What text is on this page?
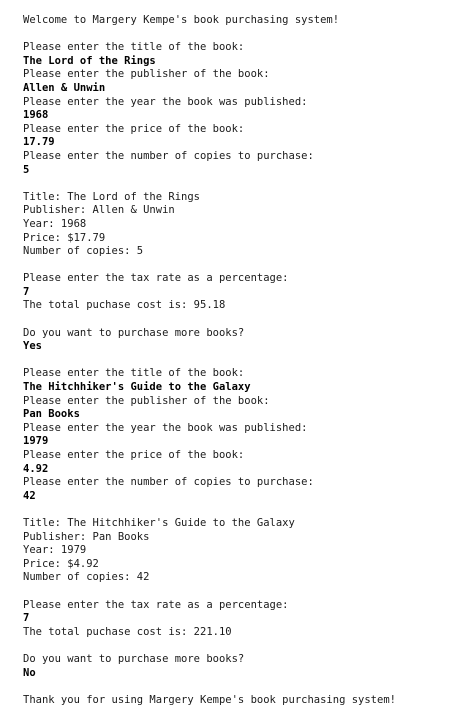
Welcome to Margery Kempe's book purchasing system!
Please enter the title of the book:
The Lord of the Rings
Please enter the publisher of the book:
Allen & Unwin
Please enter the year the book was published:
1968
Please enter the price of the book:
17.79
Please enter the number of copies to purchase:
5
Title: The Lord of the Rings
Publisher: Allen & Unwin
Year: 1968
Price: $17.79
Number of copies: 5
Please enter the tax rate as a percentage:
7
The total puchase cost is: 95.18
Do you want to purchase more books?
Yes
Please enter the title of the book:
The Hitchhiker's Guide to the Galaxy
Please enter the publisher of the book:
Pan Books
Please enter the year the book was published:
1979
Please enter the price of the book:
4.92
Please enter the number of copies to purchase:
42
Title: The Hitchhiker's Guide to the Galaxy
Publisher: Pan Books
Year: 1979
Price: $4.92
Number of copies: 42
Please enter the tax rate as a percentage:
7
The total puchase cost is: 221.10
Do you want to purchase more books?
No
Thank you for using Margery Kempe's book purchasing system!
